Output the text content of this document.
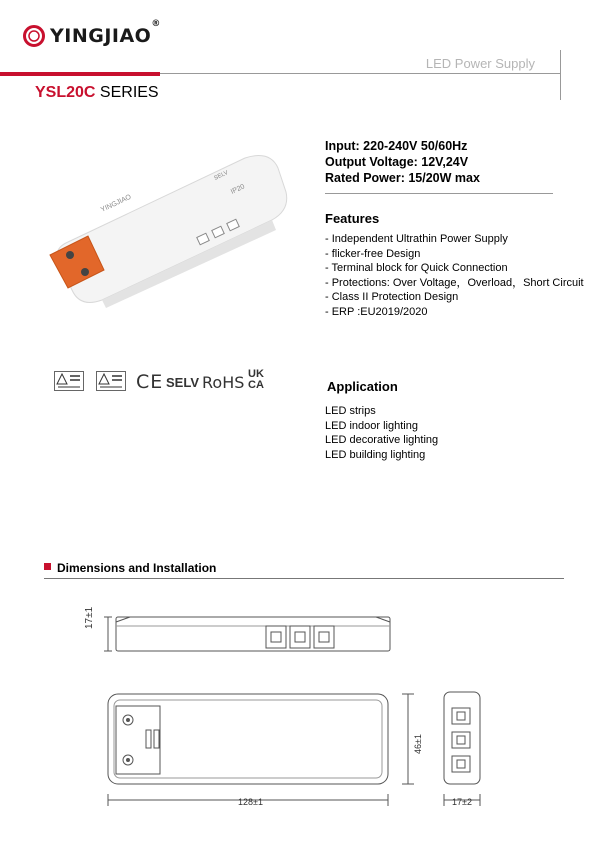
YINGJIAO®
LED Power Supply
YSL20C SERIES
YINGJIAO
IP20
SELV
Input: 220-240V 50/60Hz
Output Voltage: 12V,24V
Rated Power: 15/20W max
Features
- Independent Ultrathin Power Supply
- flicker-free Design
- Terminal block for Quick Connection
- Protections: Over Voltage，Overload，Short Circuit
- Class II Protection Design
- ERP :EU2019/2020
CE SELV RoHS UK
CA	Application
LED strips
LED indoor lighting
LED decorative lighting
LED building lighting
Dimensions and Installation
17±1
128±1
46±1
17±2
